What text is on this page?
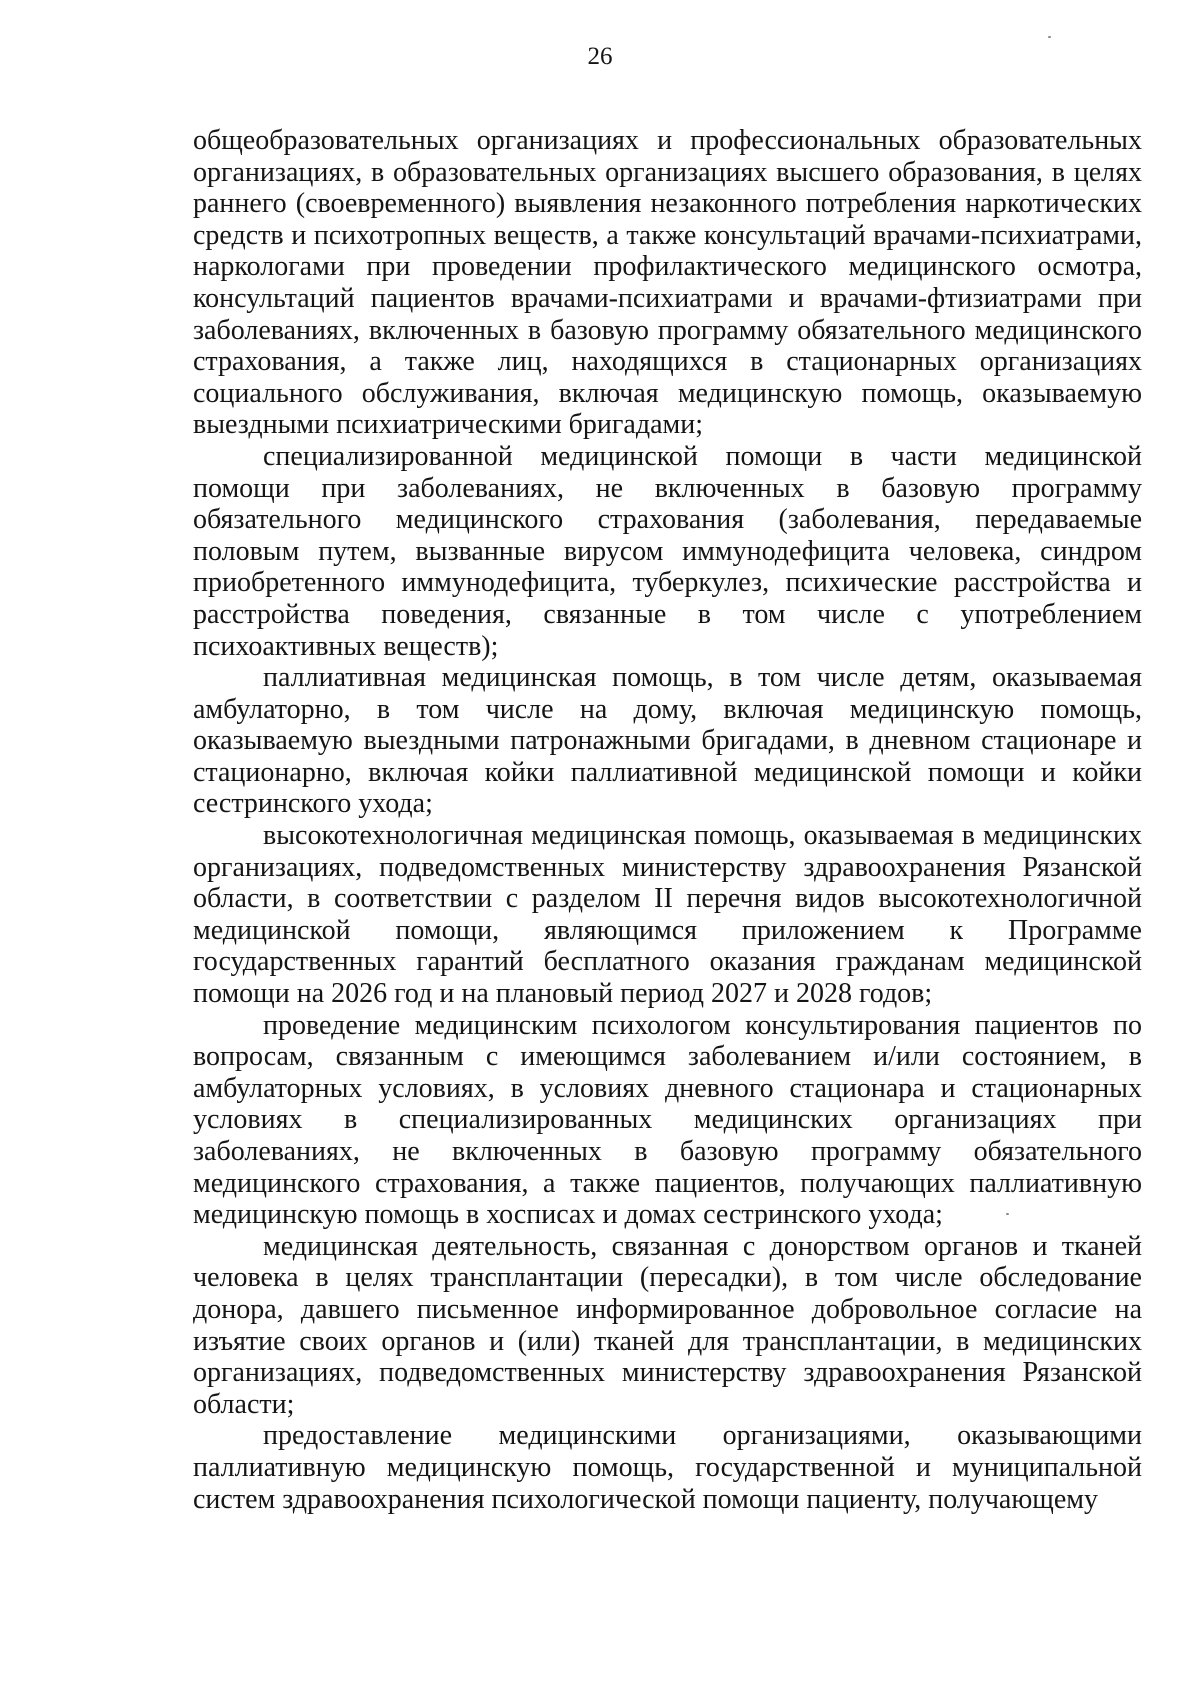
26

общеобразовательных организациях и профессиональных образовательных организациях, в образовательных организациях высшего образования, в целях раннего (своевременного) выявления незаконного потребления наркотических средств и психотропных веществ, а также консультаций врачами-психиатрами, наркологами при проведении профилактического медицинского осмотра, консультаций пациентов врачами-психиатрами и врачами-фтизиатрами при заболеваниях, включенных в базовую программу обязательного медицинского страхования, а также лиц, находящихся в стационарных организациях социального обслуживания, включая медицинскую помощь, оказываемую выездными психиатрическими бригадами;

специализированной медицинской помощи в части медицинской помощи при заболеваниях, не включенных в базовую программу обязательного медицинского страхования (заболевания, передаваемые половым путем, вызванные вирусом иммунодефицита человека, синдром приобретенного иммунодефицита, туберкулез, психические расстройства и расстройства поведения, связанные в том числе с употреблением психоактивных веществ);

паллиативная медицинская помощь, в том числе детям, оказываемая амбулаторно, в том числе на дому, включая медицинскую помощь, оказываемую выездными патронажными бригадами, в дневном стационаре и стационарно, включая койки паллиативной медицинской помощи и койки сестринского ухода;

высокотехнологичная медицинская помощь, оказываемая в медицинских организациях, подведомственных министерству здравоохранения Рязанской области, в соответствии с разделом II перечня видов высокотехнологичной медицинской помощи, являющимся приложением к Программе государственных гарантий бесплатного оказания гражданам медицинской помощи на 2026 год и на плановый период 2027 и 2028 годов;

проведение медицинским психологом консультирования пациентов по вопросам, связанным с имеющимся заболеванием и/или состоянием, в амбулаторных условиях, в условиях дневного стационара и стационарных условиях в специализированных медицинских организациях при заболеваниях, не включенных в базовую программу обязательного медицинского страхования, а также пациентов, получающих паллиативную медицинскую помощь в хосписах и домах сестринского ухода;

медицинская деятельность, связанная с донорством органов и тканей человека в целях трансплантации (пересадки), в том числе обследование донора, давшего письменное информированное добровольное согласие на изъятие своих органов и (или) тканей для трансплантации, в медицинских организациях, подведомственных министерству здравоохранения Рязанской области;

предоставление медицинскими организациями, оказывающими паллиативную медицинскую помощь, государственной и муниципальной систем здравоохранения психологической помощи пациенту, получающему
